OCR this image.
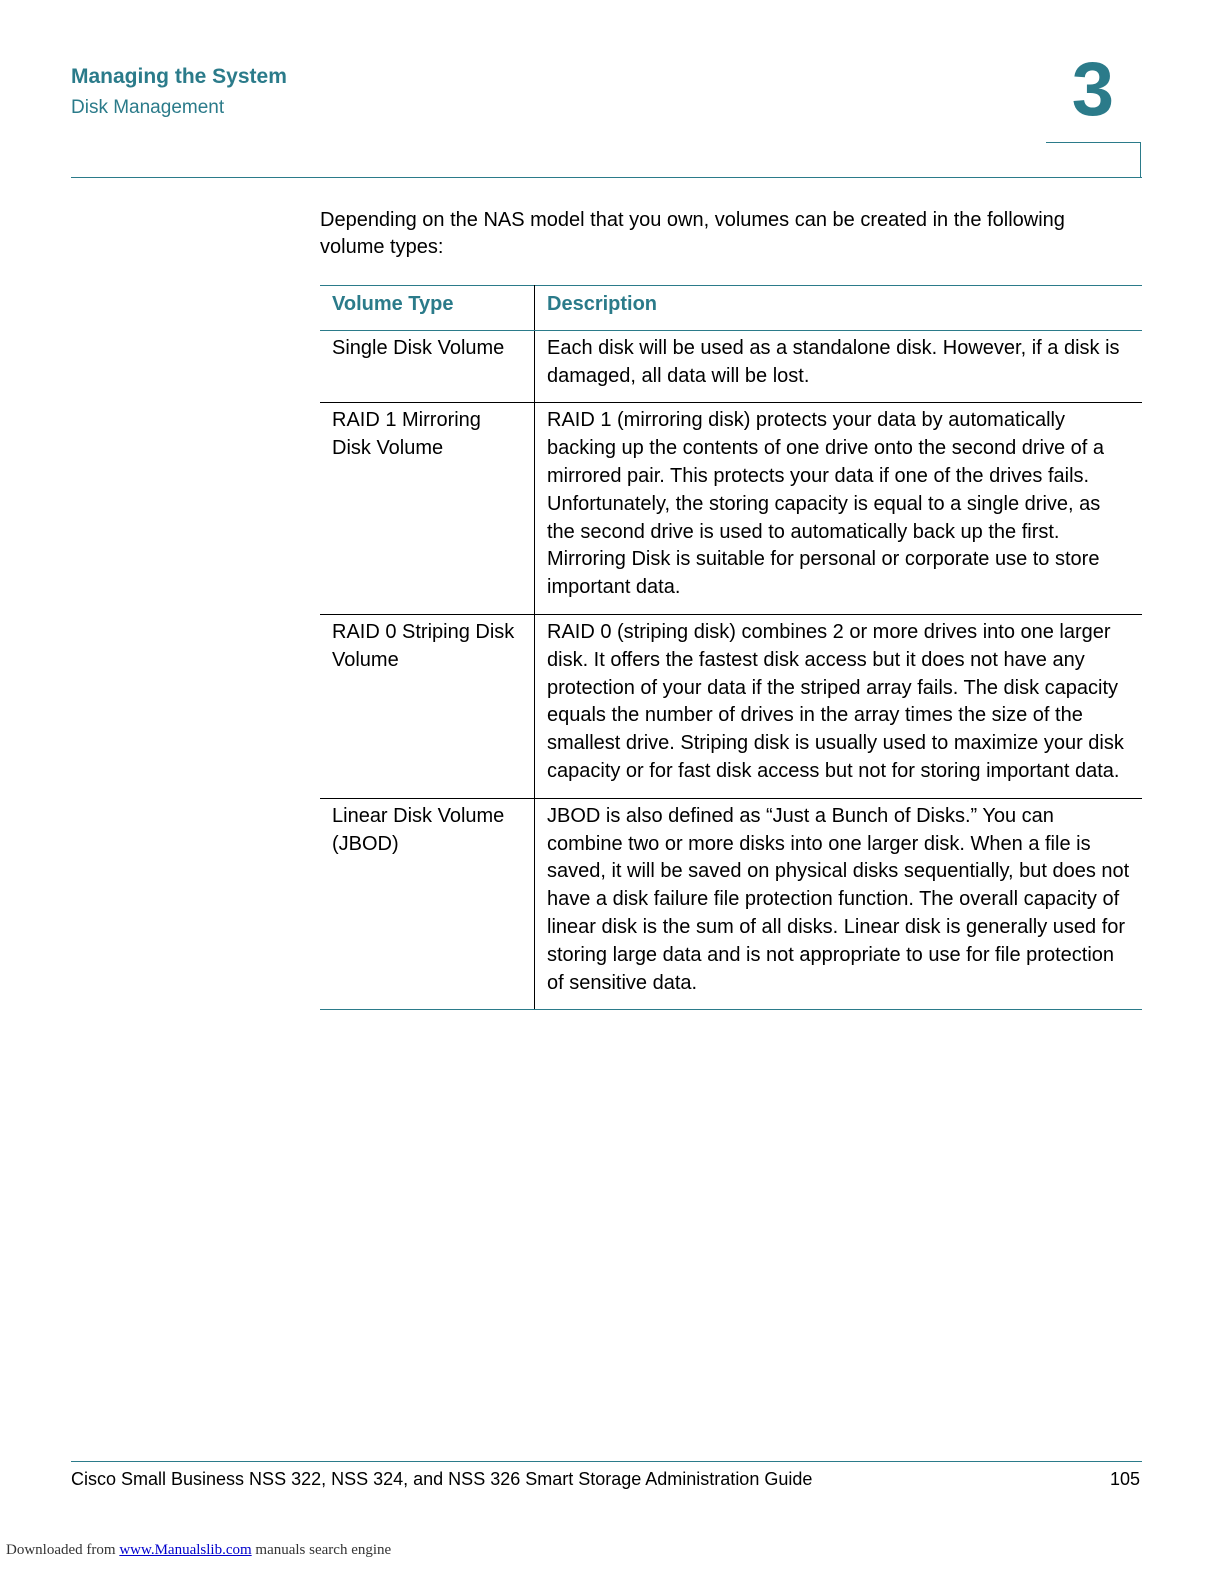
Managing the System
Disk Management	3

Depending on the NAS model that you own, volumes can be created in the following volume types:

Volume Type	Description
Single Disk Volume	Each disk will be used as a standalone disk. However, if a disk is damaged, all data will be lost.
RAID 1 Mirroring Disk Volume	RAID 1 (mirroring disk) protects your data by automatically backing up the contents of one drive onto the second drive of a mirrored pair. This protects your data if one of the drives fails. Unfortunately, the storing capacity is equal to a single drive, as the second drive is used to automatically back up the first. Mirroring Disk is suitable for personal or corporate use to store important data.
RAID 0 Striping Disk Volume	RAID 0 (striping disk) combines 2 or more drives into one larger disk. It offers the fastest disk access but it does not have any protection of your data if the striped array fails. The disk capacity equals the number of drives in the array times the size of the smallest drive. Striping disk is usually used to maximize your disk capacity or for fast disk access but not for storing important data.
Linear Disk Volume (JBOD)	JBOD is also defined as “Just a Bunch of Disks.” You can combine two or more disks into one larger disk. When a file is saved, it will be saved on physical disks sequentially, but does not have a disk failure file protection function. The overall capacity of linear disk is the sum of all disks. Linear disk is generally used for storing large data and is not appropriate to use for file protection of sensitive data.
Cisco Small Business NSS 322, NSS 324, and NSS 326 Smart Storage Administration Guide	105
Downloaded from www.Manualslib.com manuals search engine
